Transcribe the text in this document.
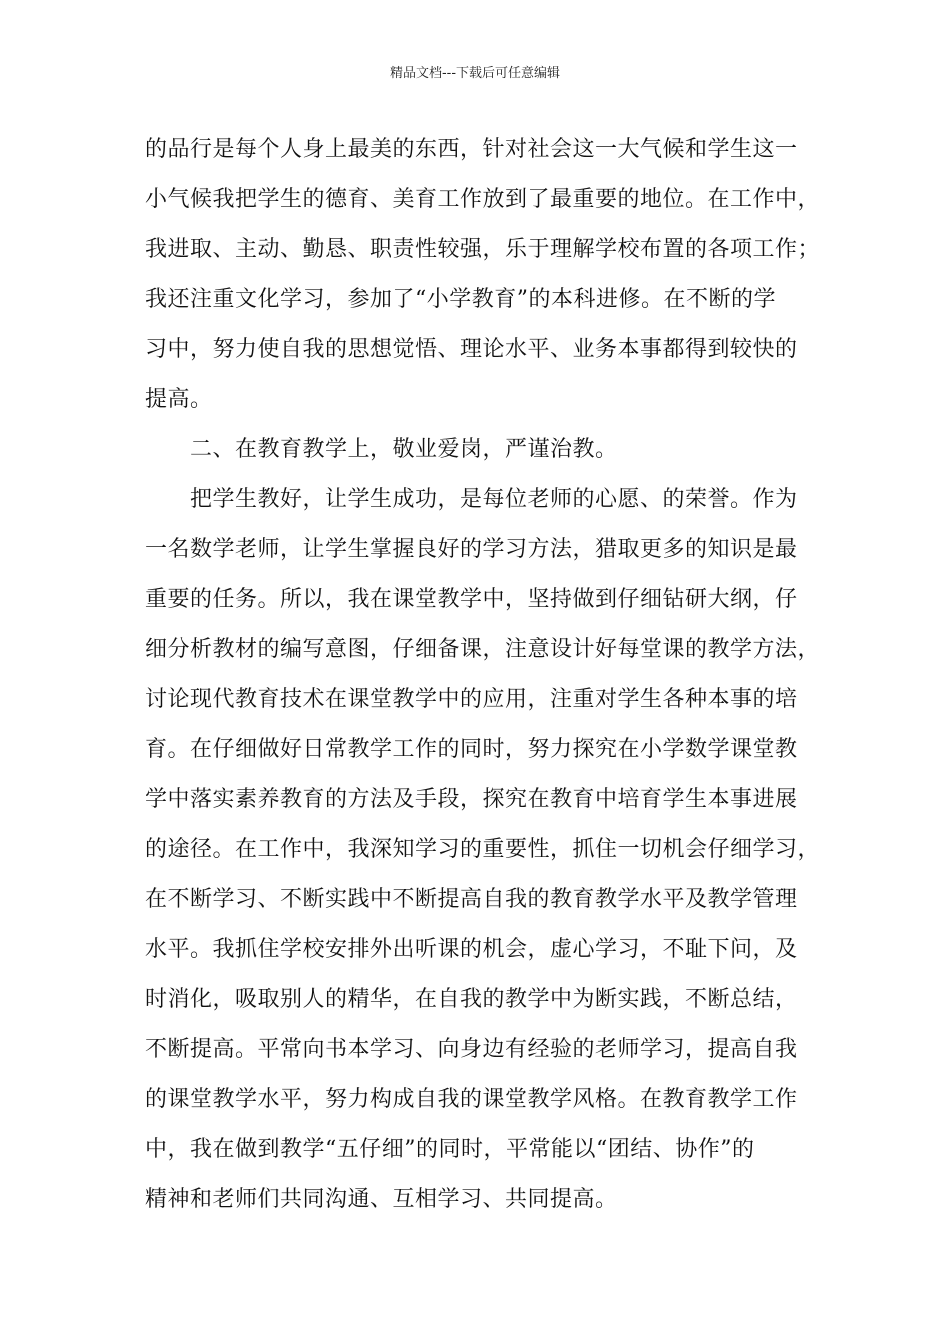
精品文档---下载后可任意编辑
的品行是每个人身上最美的东西，针对社会这一大气候和学生这一
小气候我把学生的德育、美育工作放到了最重要的地位。在工作中，
我进取、主动、勤恳、职责性较强，乐于理解学校布置的各项工作；
我还注重文化学习，参加了“小学教育”的本科进修。在不断的学
习中，努力使自我的思想觉悟、理论水平、业务本事都得到较快的
提高。
二、在教育教学上，敬业爱岗，严谨治教。
把学生教好，让学生成功，是每位老师的心愿、的荣誉。作为
一名数学老师，让学生掌握良好的学习方法，猎取更多的知识是最
重要的任务。所以，我在课堂教学中，坚持做到仔细钻研大纲，仔
细分析教材的编写意图，仔细备课，注意设计好每堂课的教学方法，
讨论现代教育技术在课堂教学中的应用，注重对学生各种本事的培
育。在仔细做好日常教学工作的同时，努力探究在小学数学课堂教
学中落实素养教育的方法及手段，探究在教育中培育学生本事进展
的途径。在工作中，我深知学习的重要性，抓住一切机会仔细学习，
在不断学习、不断实践中不断提高自我的教育教学水平及教学管理
水平。我抓住学校安排外出听课的机会，虚心学习，不耻下问，及
时消化，吸取别人的精华，在自我的教学中为断实践，不断总结，
不断提高。平常向书本学习、向身边有经验的老师学习，提高自我
的课堂教学水平，努力构成自我的课堂教学风格。在教育教学工作
中，我在做到教学“五仔细”的同时，平常能以“团结、协作”的
精神和老师们共同沟通、互相学习、共同提高。
